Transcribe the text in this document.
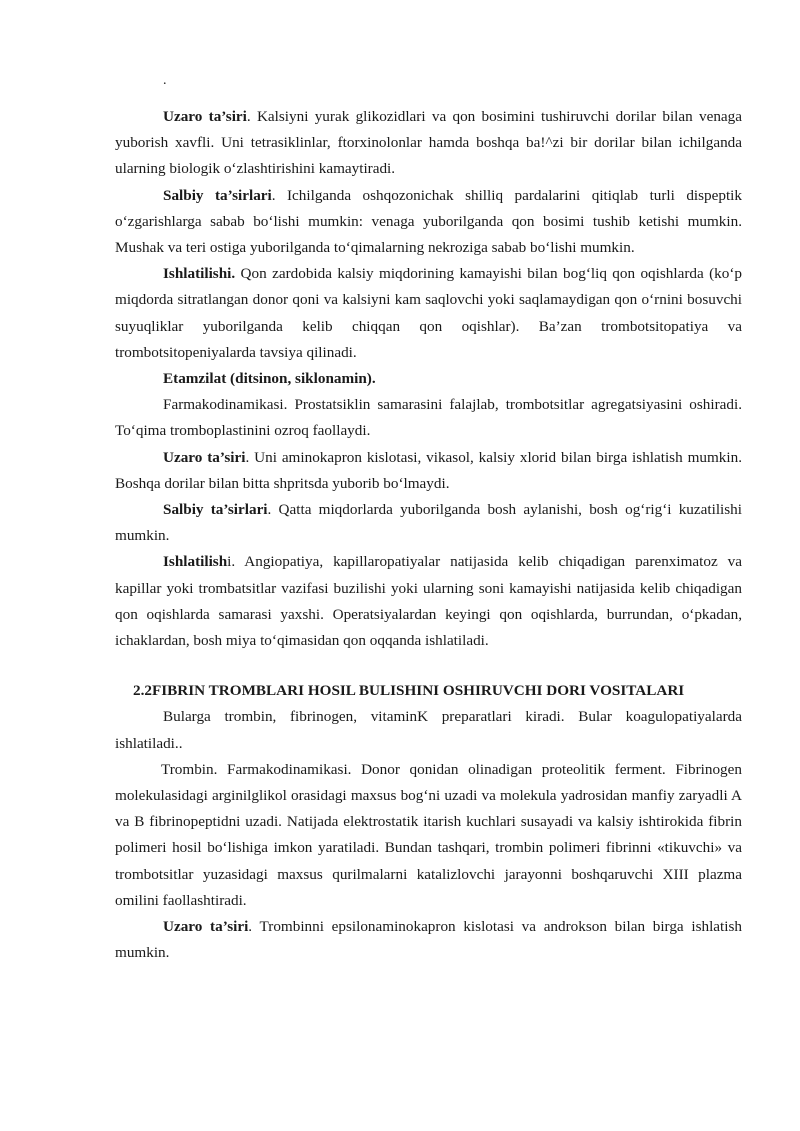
.

Uzaro ta’siri. Kalsiyni yurak glikozidlari va qon bosimini tushiruvchi dorilar bilan venaga yuborish xavfli. Uni tetrasiklinlar, ftorxinolonlar hamda boshqa ba!^zi bir dorilar bilan ichilganda ularning biologik o‘zlashtirishini kamaytiradi.

Salbiy ta’sirlari. Ichilganda oshqozonichak shilliq pardalarini qitiqlab turli dispeptik o‘zgarishlarga sabab bo‘lishi mumkin: venaga yuborilganda qon bosimi tushib ketishi mumkin. Mushak va teri ostiga yuborilganda to‘qimalarning nekroziga sabab bo‘lishi mumkin.

Ishlatilishi. Qon zardobida kalsiy miqdorining kamayishi bilan bog‘liq qon oqishlarda (ko‘p miqdorda sitratlangan donor qoni va kalsiyni kam saqlovchi yoki saqlamaydigan qon o‘rnini bosuvchi suyuqliklar yuborilganda kelib chiqqan qon oqishlar). Ba’zan trombotsitopatiya va trombotsitopeniyalarda tavsiya qilinadi.

Etamzilat (ditsinon, siklonamin).

Farmakodinamikasi. Prostatsiklin samarasini falajlab, trombotsitlar agregatsiyasini oshiradi. To‘qima tromboplastinini ozroq faollaydi.

Uzaro ta’siri. Uni aminokapron kislotasi, vikasol, kalsiy xlorid bilan birga ishlatish mumkin. Boshqa dorilar bilan bitta shpritsda yuborib bo‘lmaydi.

Salbiy ta’sirlari. Qatta miqdorlarda yuborilganda bosh aylanishi, bosh og‘rig‘i kuzatilishi mumkin.

Ishlatilishi. Angiopatiya, kapillaropatiyalar natijasida kelib chiqadigan parenximatoz va kapillar yoki trombatsitlar vazifasi buzilishi yoki ularning soni kamayishi natijasida kelib chiqadigan qon oqishlarda samarasi yaxshi. Operatsiyalardan keyingi qon oqishlarda, burrundan, o‘pkadan, ichaklardan, bosh miya to‘qimasidan qon oqqanda ishlatiladi.

2.2FIBRIN TROMBLARI HOSIL BULISHINI OSHIRUVCHI DORI VOSITALARI

Bularga trombin, fibrinogen, vitaminK preparatlari kiradi. Bular koagulopatiyalarda ishlatiladi..

Trombin. Farmakodinamikasi. Donor qonidan olinadigan proteolitik ferment. Fibrinogen molekulasidagi arginilglikol orasidagi maxsus bog‘ni uzadi va molekula yadrosidan manfiy zaryadli A va B fibrinopeptidni uzadi. Natijada elektrostatik itarish kuchlari susayadi va kalsiy ishtirokida fibrin polimeri hosil bo‘lishiga imkon yaratiladi. Bundan tashqari, trombin polimeri fibrinni «tikuvchi» va trombotsitlar yuzasidagi maxsus qurilmalarni katalizlovchi jarayonni boshqaruvchi XIII plazma omilini faollashtiradi.

Uzaro ta’siri. Trombinni epsilonaminokapron kislotasi va androkson bilan birga ishlatish mumkin.
